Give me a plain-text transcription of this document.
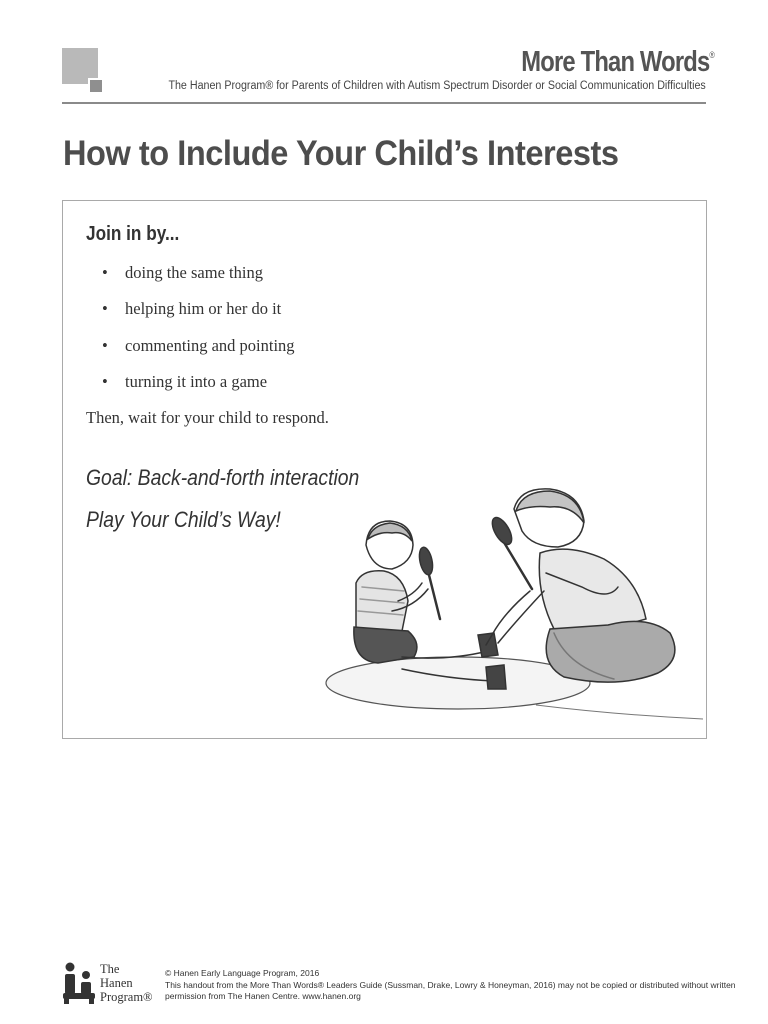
More Than Words®
The Hanen Program® for Parents of Children with Autism Spectrum Disorder or Social Communication Difficulties
How to Include Your Child’s Interests
Join in by...
•	doing the same thing
•	helping him or her do it
•	commenting and pointing
•	turning it into a game
Then, wait for your child to respond.
Goal: Back-and-forth interaction
Play Your Child’s Way!
The
Hanen
Program®
© Hanen Early Language Program, 2016
This handout from the More Than Words® Leaders Guide (Sussman, Drake, Lowry & Honeyman, 2016) may not be copied or distributed without written
permission from The Hanen Centre. www.hanen.org
